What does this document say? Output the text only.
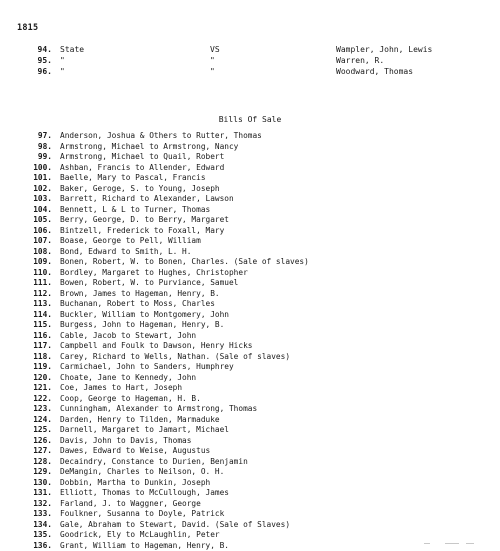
1815
94. State	VS	Wampler, John, Lewis
95. "	"	Warren, R.
96. "	"	Woodward, Thomas
Bills Of Sale
97. Anderson, Joshua & Others to Rutter, Thomas
98. Armstrong, Michael to Armstrong, Nancy
99. Armstrong, Michael to Quail, Robert
100. Ashban, Francis to Allender, Edward
101. Baelle, Mary to Pascal, Francis
102. Baker, Geroge, S. to Young, Joseph
103. Barrett, Richard to Alexander, Lawson
104. Bennett, L & L to Turner, Thomas
105. Berry, George, D. to Berry, Margaret
106. Bintzell, Frederick to Foxall, Mary
107. Boase, George to Pell, William
108. Bond, Edward to Smith, L. H.
109. Bonen, Robert, W. to Bonen, Charles. (Sale of slaves)
110. Bordley, Margaret to Hughes, Christopher
111. Bowen, Robert, W. to Purviance, Samuel
112. Brown, James to Hageman, Henry, B.
113. Buchanan, Robert to Moss, Charles
114. Buckler, William to Montgomery, John
115. Burgess, John to Hageman, Henry, B.
116. Cable, Jacob to Stewart, John
117. Campbell and Foulk to Dawson, Henry Hicks
118. Carey, Richard to Wells, Nathan. (Sale of slaves)
119. Carmichael, John to Sanders, Humphrey
120. Choate, Jane to Kennedy, John
121. Coe, James to Hart, Joseph
122. Coop, George to Hageman, H. B.
123. Cunningham, Alexander to Armstrong, Thomas
124. Darden, Henry to Tilden, Marmaduke
125. Darnell, Margaret to Jamart, Michael
126. Davis, John to Davis, Thomas
127. Dawes, Edward to Weise, Augustus
128. Decaindry, Constance to Durien, Benjamin
129. DeMangin, Charles to Neilson, O. H.
130. Dobbin, Martha to Dunkin, Joseph
131. Elliott, Thomas to McCullough, James
132. Farland, J. to Waggner, George
133. Foulkner, Susanna to Doyle, Patrick
134. Gale, Abraham to Stewart, David. (Sale of Slaves)
135. Goodrick, Ely to McLaughlin, Peter
136. Grant, William to Hageman, Henry, B.
